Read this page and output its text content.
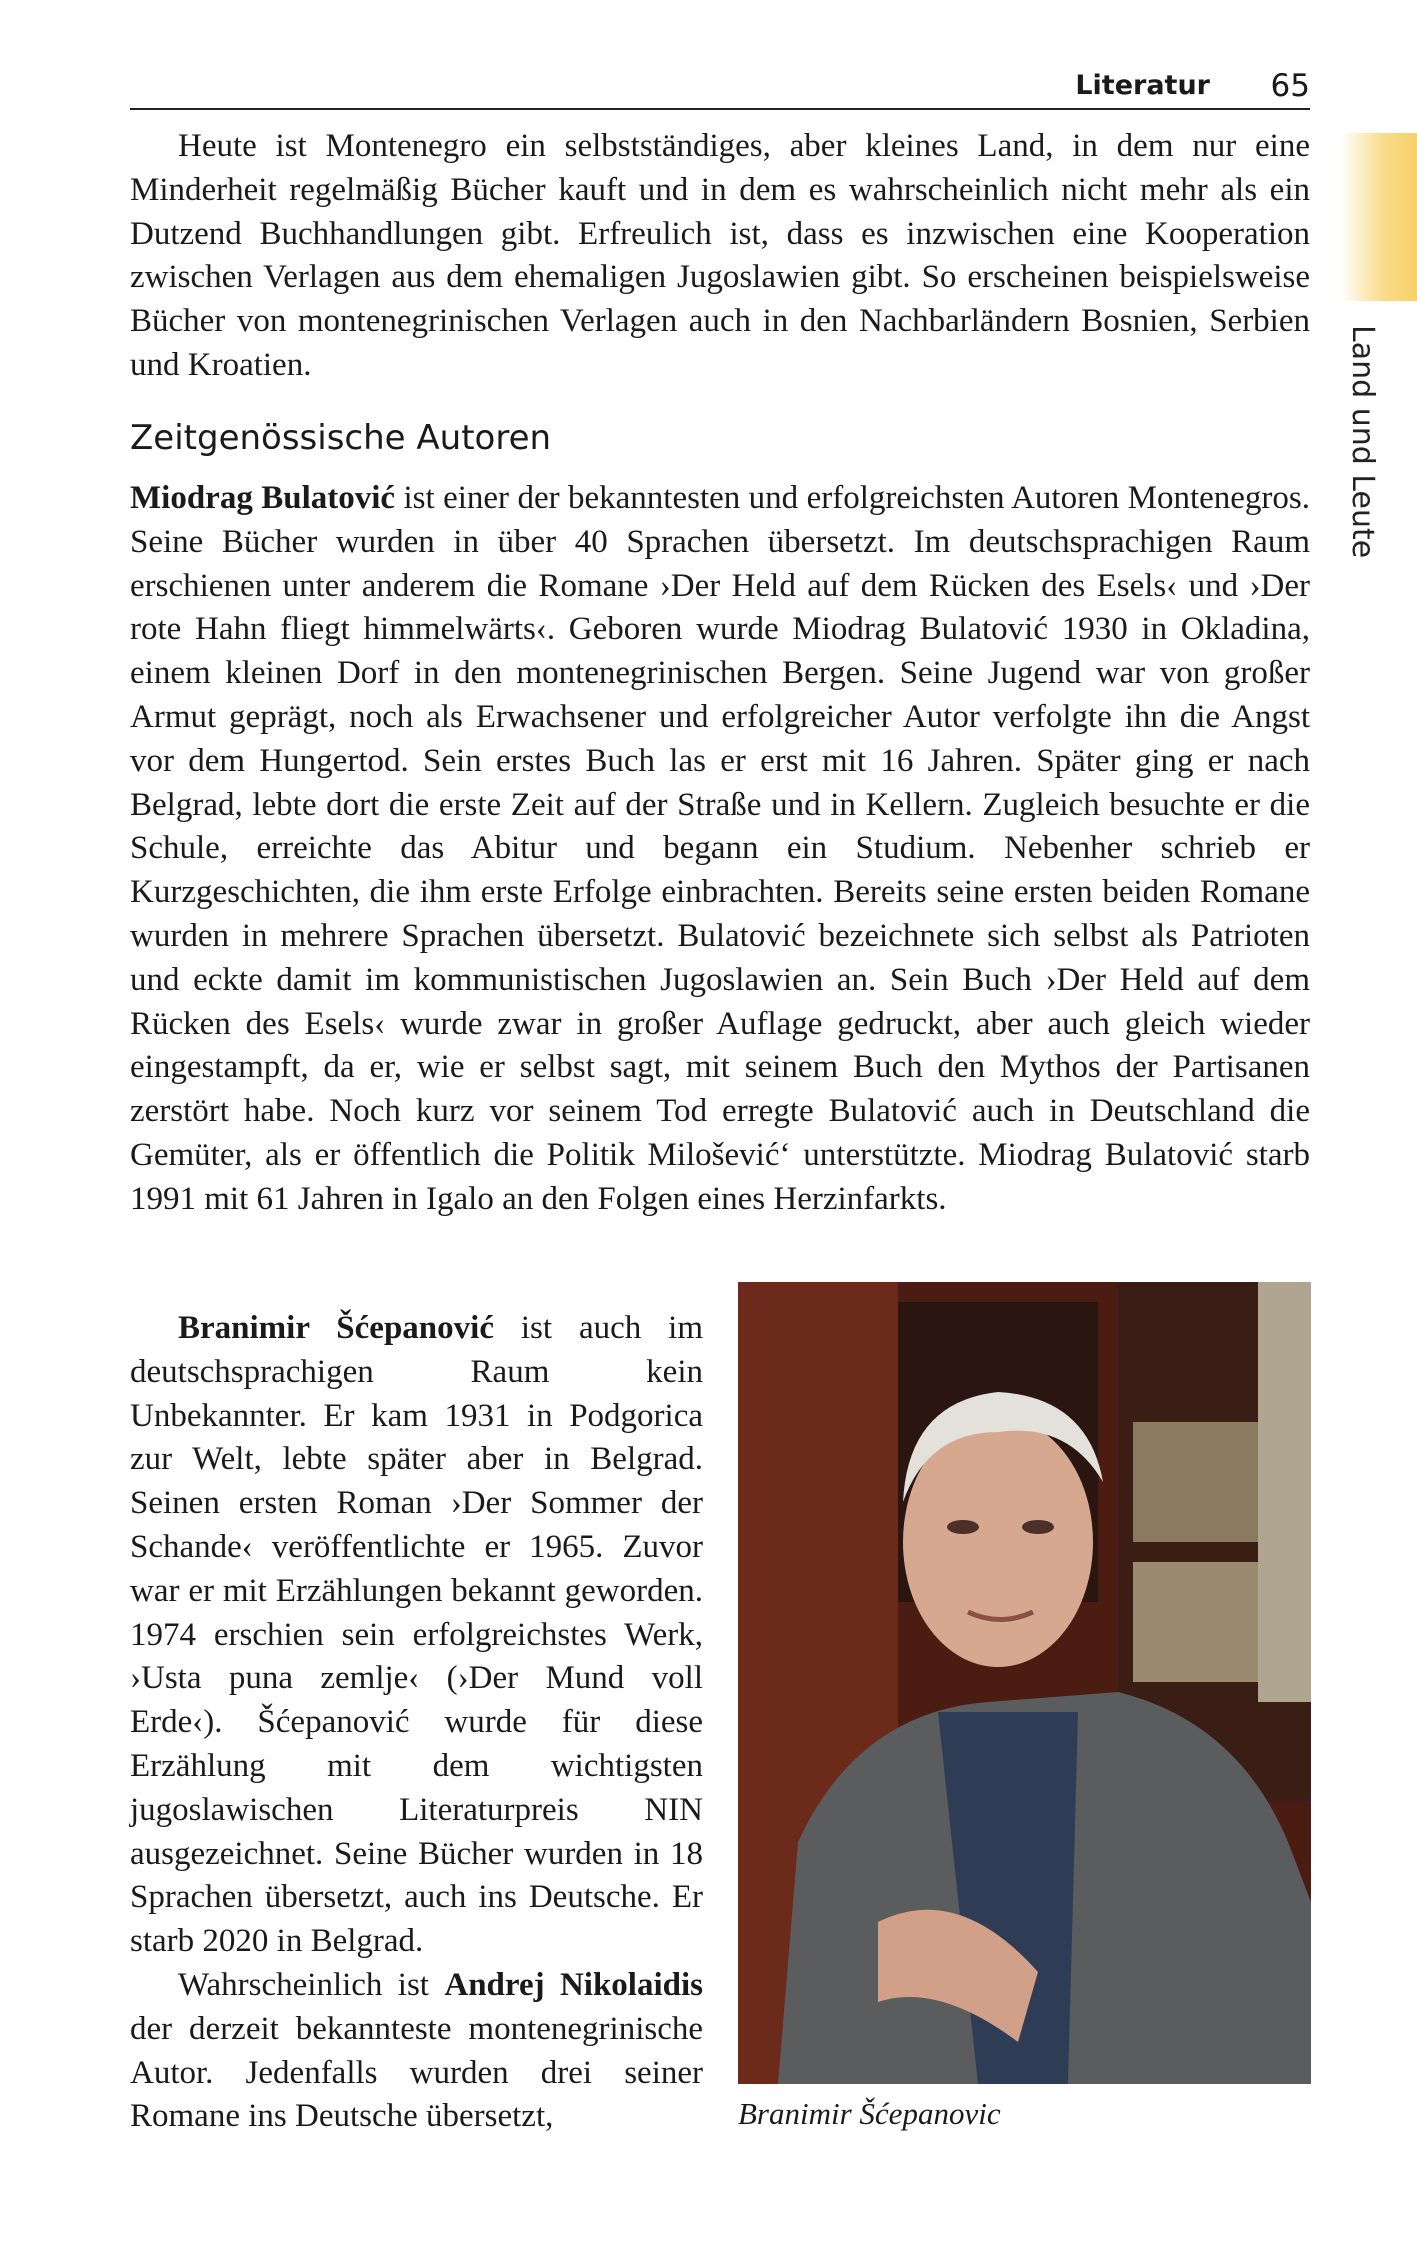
Literatur 65
Land und Leute

Heute ist Montenegro ein selbstständiges, aber kleines Land, in dem nur eine Minderheit regelmäßig Bücher kauft und in dem es wahrscheinlich nicht mehr als ein Dutzend Buchhandlungen gibt. Erfreulich ist, dass es inzwischen eine Kooperation zwischen Verlagen aus dem ehemaligen Jugoslawien gibt. So erscheinen beispielsweise Bücher von montenegrinischen Verlagen auch in den Nachbarländern Bosnien, Serbien und Kroatien.

Zeitgenössische Autoren

Miodrag Bulatović ist einer der bekanntesten und erfolgreichsten Autoren Montenegros. Seine Bücher wurden in über 40 Sprachen übersetzt. Im deutschsprachigen Raum erschienen unter anderem die Romane ›Der Held auf dem Rücken des Esels‹ und ›Der rote Hahn fliegt himmelwärts‹. Geboren wurde Miodrag Bulatović 1930 in Okladina, einem kleinen Dorf in den montenegrinischen Bergen. Seine Jugend war von großer Armut geprägt, noch als Erwachsener und erfolgreicher Autor verfolgte ihn die Angst vor dem Hungertod. Sein erstes Buch las er erst mit 16 Jahren. Später ging er nach Belgrad, lebte dort die erste Zeit auf der Straße und in Kellern. Zugleich besuchte er die Schule, erreichte das Abitur und begann ein Studium. Nebenher schrieb er Kurzgeschichten, die ihm erste Erfolge einbrachten. Bereits seine ersten beiden Romane wurden in mehrere Sprachen übersetzt. Bulatović bezeichnete sich selbst als Patrioten und eckte damit im kommunistischen Jugoslawien an. Sein Buch ›Der Held auf dem Rücken des Esels‹ wurde zwar in großer Auflage gedruckt, aber auch gleich wieder eingestampft, da er, wie er selbst sagt, mit seinem Buch den Mythos der Partisanen zerstört habe. Noch kurz vor seinem Tod erregte Bulatović auch in Deutschland die Gemüter, als er öffentlich die Politik Milošević‘ unterstützte. Miodrag Bulatović starb 1991 mit 61 Jahren in Igalo an den Folgen eines Herzinfarkts.

Branimir Šćepanović ist auch im deutschsprachigen Raum kein Unbekannter. Er kam 1931 in Podgorica zur Welt, lebte später aber in Belgrad. Seinen ersten Roman ›Der Sommer der Schande‹ veröffentlichte er 1965. Zuvor war er mit Erzählungen bekannt geworden. 1974 erschien sein erfolgreichstes Werk, ›Usta puna zemlje‹ (›Der Mund voll Erde‹). Šćepanović wurde für diese Erzählung mit dem wichtigsten jugoslawischen Literaturpreis NIN ausgezeichnet. Seine Bücher wurden in 18 Sprachen übersetzt, auch ins Deutsche. Er starb 2020 in Belgrad.

Wahrscheinlich ist Andrej Nikolaidis der derzeit bekannteste montenegrinische Autor. Jedenfalls wurden drei seiner Romane ins Deutsche übersetzt,	Branimir Šćepanovic
